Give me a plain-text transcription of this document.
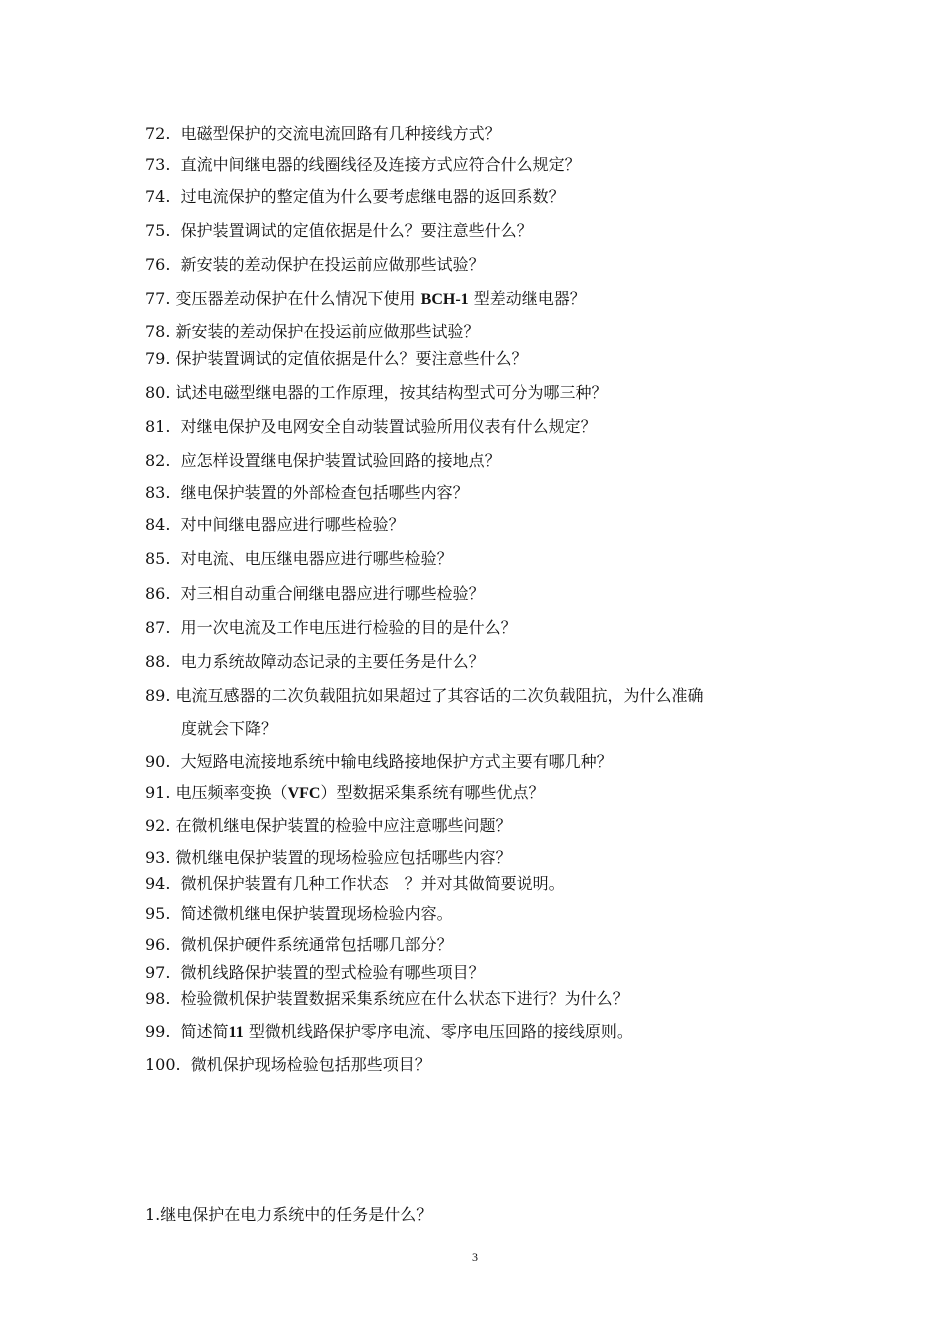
72. 电磁型保护的交流电流回路有几种接线方式？
73. 直流中间继电器的线圈线径及连接方式应符合什么规定？
74. 过电流保护的整定值为什么要考虑继电器的返回系数？
75. 保护装置调试的定值依据是什么？要注意些什么？
76. 新安装的差动保护在投运前应做那些试验？
77. 变压器差动保护在什么情况下使用 BCH-1 型差动继电器？
78. 新安装的差动保护在投运前应做那些试验？
79. 保护装置调试的定值依据是什么？要注意些什么？
80. 试述电磁型继电器的工作原理，按其结构型式可分为哪三种？
81. 对继电保护及电网安全自动装置试验所用仪表有什么规定？
82. 应怎样设置继电保护装置试验回路的接地点？
83. 继电保护装置的外部检查包括哪些内容？
84. 对中间继电器应进行哪些检验？
85. 对电流、电压继电器应进行哪些检验？
86. 对三相自动重合闸继电器应进行哪些检验？
87. 用一次电流及工作电压进行检验的目的是什么？
88. 电力系统故障动态记录的主要任务是什么？
89. 电流互感器的二次负载阻抗如果超过了其容话的二次负载阻抗，为什么准确
度就会下降？
90. 大短路电流接地系统中输电线路接地保护方式主要有哪几种？
91. 电压频率变换（VFC）型数据采集系统有哪些优点？
92. 在微机继电保护装置的检验中应注意哪些问题？
93. 微机继电保护装置的现场检验应包括哪些内容？
94. 微机保护装置有几种工作状态　？并对其做简要说明。
95. 简述微机继电保护装置现场检验内容。
96. 微机保护硬件系统通常包括哪几部分？
97. 微机线路保护装置的型式检验有哪些项目？
98. 检验微机保护装置数据采集系统应在什么状态下进行？为什么？
99. 简述简11 型微机线路保护零序电流、零序电压回路的接线原则。
100. 微机保护现场检验包括那些项目？
1.继电保护在电力系统中的任务是什么？
3
